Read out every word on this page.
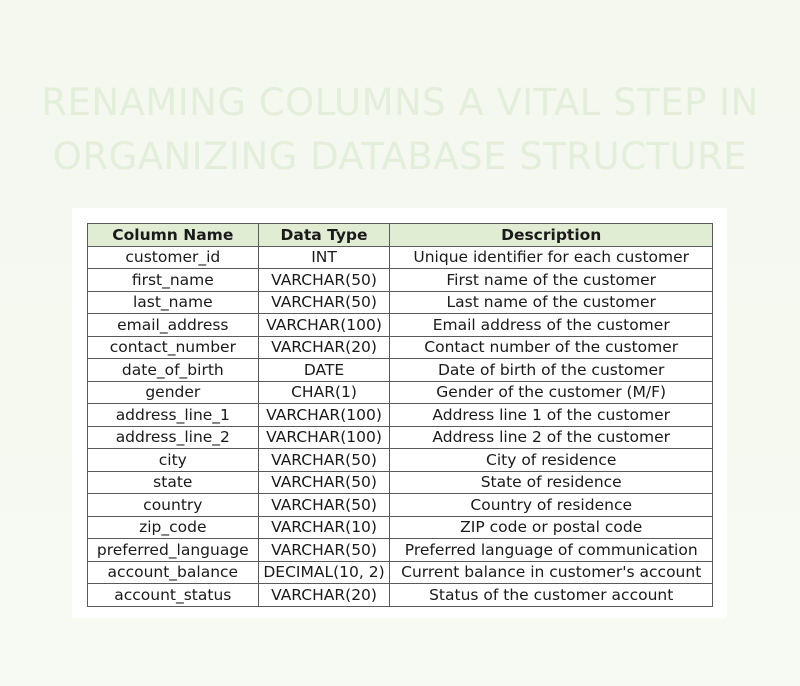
RENAMING COLUMNS A VITAL STEP IN
ORGANIZING DATABASE STRUCTURE
Column Name	Data Type	Description
customer_id	INT	Unique identifier for each customer
first_name	VARCHAR(50)	First name of the customer
last_name	VARCHAR(50)	Last name of the customer
email_address	VARCHAR(100)	Email address of the customer
contact_number	VARCHAR(20)	Contact number of the customer
date_of_birth	DATE	Date of birth of the customer
gender	CHAR(1)	Gender of the customer (M/F)
address_line_1	VARCHAR(100)	Address line 1 of the customer
address_line_2	VARCHAR(100)	Address line 2 of the customer
city	VARCHAR(50)	City of residence
state	VARCHAR(50)	State of residence
country	VARCHAR(50)	Country of residence
zip_code	VARCHAR(10)	ZIP code or postal code
preferred_language	VARCHAR(50)	Preferred language of communication
account_balance	DECIMAL(10, 2)	Current balance in customer's account
account_status	VARCHAR(20)	Status of the customer account
